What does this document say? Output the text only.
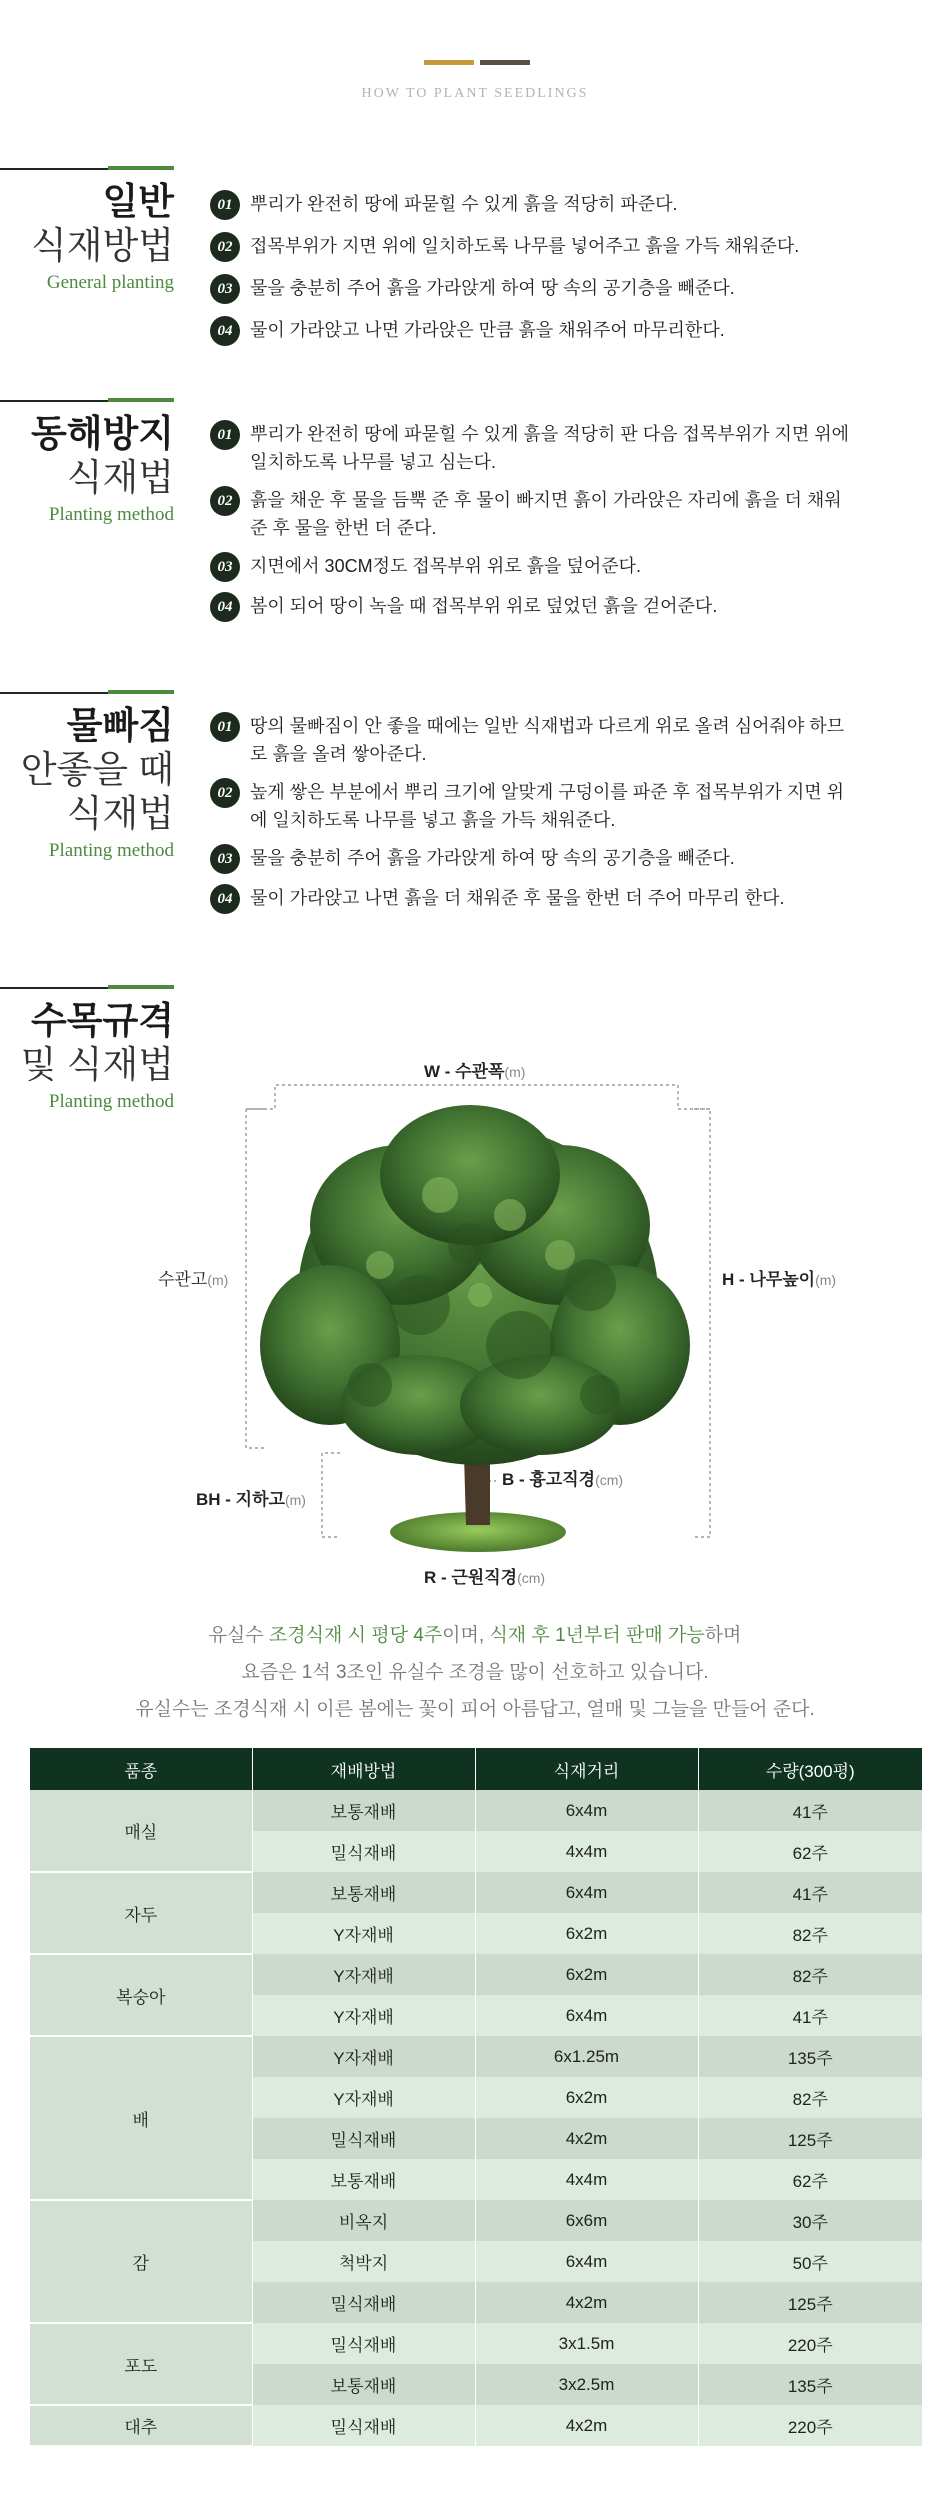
HOW TO PLANT SEEDLINGS
일반
식재방법
General planting
01 뿌리가 완전히 땅에 파묻힐 수 있게 흙을 적당히 파준다.
02 접목부위가 지면 위에 일치하도록 나무를 넣어주고 흙을 가득 채워준다.
03 물을 충분히 주어 흙을 가라앉게 하여 땅 속의 공기층을 빼준다.
04 물이 가라앉고 나면 가라앉은 만큼 흙을 채워주어 마무리한다.
동해방지
식재법
Planting method
01 뿌리가 완전히 땅에 파묻힐 수 있게 흙을 적당히 판 다음 접목부위가 지면 위에 일치하도록 나무를 넣고 심는다.
02 흙을 채운 후 물을 듬뿍 준 후 물이 빠지면 흙이 가라앉은 자리에 흙을 더 채워준 후 물을 한번 더 준다.
03 지면에서 30CM정도 접목부위 위로 흙을 덮어준다.
04 봄이 되어 땅이 녹을 때 접목부위 위로 덮었던 흙을 걷어준다.
물빠짐
안좋을 때
식재법
Planting method
01 땅의 물빠짐이 안 좋을 때에는 일반 식재법과 다르게 위로 올려 심어줘야 하므로 흙을 올려 쌓아준다.
02 높게 쌓은 부분에서 뿌리 크기에 알맞게 구덩이를 파준 후 접목부위가 지면 위에 일치하도록 나무를 넣고 흙을 가득 채워준다.
03 물을 충분히 주어 흙을 가라앉게 하여 땅 속의 공기층을 빼준다.
04 물이 가라앉고 나면 흙을 더 채워준 후 물을 한번 더 주어 마무리 한다.
수목규격
및 식재법
Planting method
W - 수관폭(m)
수관고(m)	H - 나무높이(m)
BH - 지하고(m)
B - 흉고직경(cm)
R - 근원직경(cm)
유실수 조경식재 시 평당 4주이며, 식재 후 1년부터 판매 가능하며
요즘은 1석 3조인 유실수 조경을 많이 선호하고 있습니다.
유실수는 조경식재 시 이른 봄에는 꽃이 피어 아름답고, 열매 및 그늘을 만들어 준다.
품종	재배방법	식재거리	수량(300평)
매실	보통재배	6x4m	41주
	밀식재배	4x4m	62주
자두	보통재배	6x4m	41주
	Y자재배	6x2m	82주
복숭아	Y자재배	6x2m	82주
	Y자재배	6x4m	41주
배	Y자재배	6x1.25m	135주
	Y자재배	6x2m	82주
	밀식재배	4x2m	125주
	보통재배	4x4m	62주
감	비옥지	6x6m	30주
	척박지	6x4m	50주
	밀식재배	4x2m	125주
포도	밀식재배	3x1.5m	220주
	보통재배	3x2.5m	135주
대추	밀식재배	4x2m	220주
